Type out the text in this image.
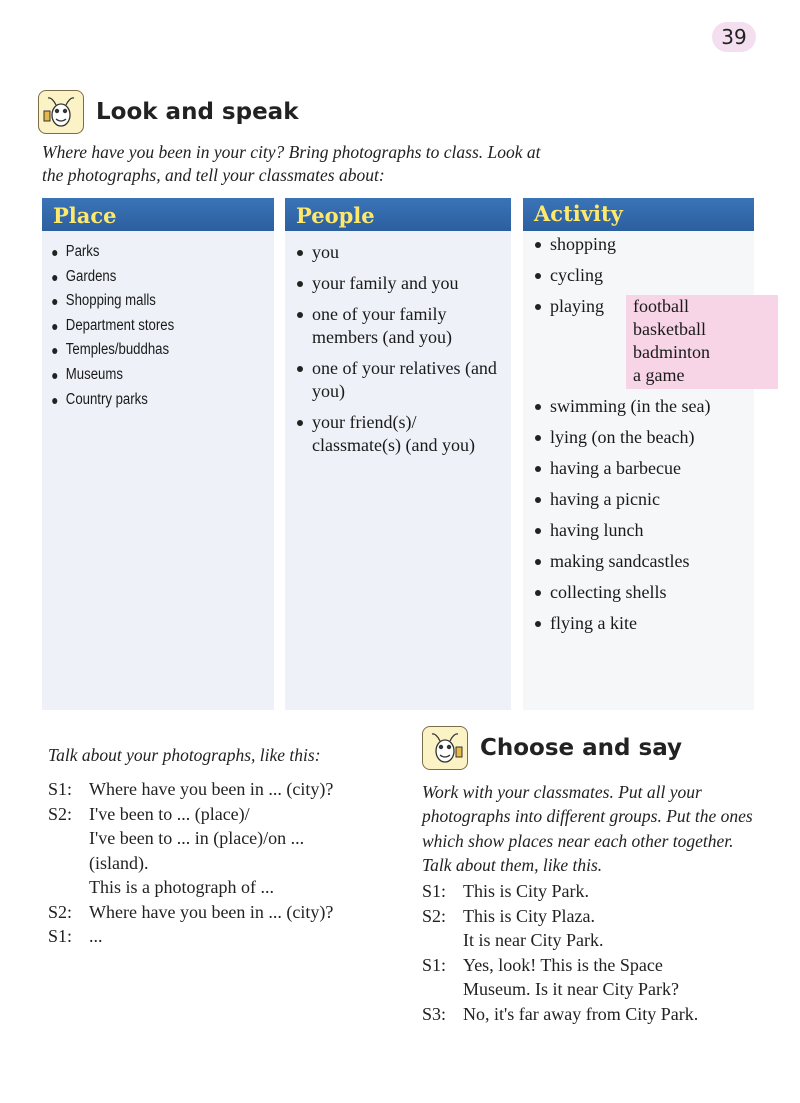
39
Look and speak
Where have you been in your city? Bring photographs to class. Look at the photographs, and tell your classmates about:
Place
Parks
Gardens
Shopping malls
Department stores
Temples/buddhas
Museums
Country parks
People
you
your family and you
one of your family members (and you)
one of your relatives (and you)
your friend(s)/ classmate(s) (and you)
Activity
shopping
cycling
playing football
basketball
badminton
a game
swimming (in the sea)
lying (on the beach)
having a barbecue
having a picnic
having lunch
making sandcastles
collecting shells
flying a kite
Talk about your photographs, like this:
S1: Where have you been in ... (city)?
S2: I've been to ... (place)/
I've been to ... in (place)/on ...
(island).
This is a photograph of ...
S2: Where have you been in ... (city)?
S1: ...
Choose and say
Work with your classmates. Put all your photographs into different groups. Put the ones which show places near each other together. Talk about them, like this.
S1: This is City Park.
S2: This is City Plaza.
It is near City Park.
S1: Yes, look! This is the Space
Museum. Is it near City Park?
S3: No, it's far away from City Park.
